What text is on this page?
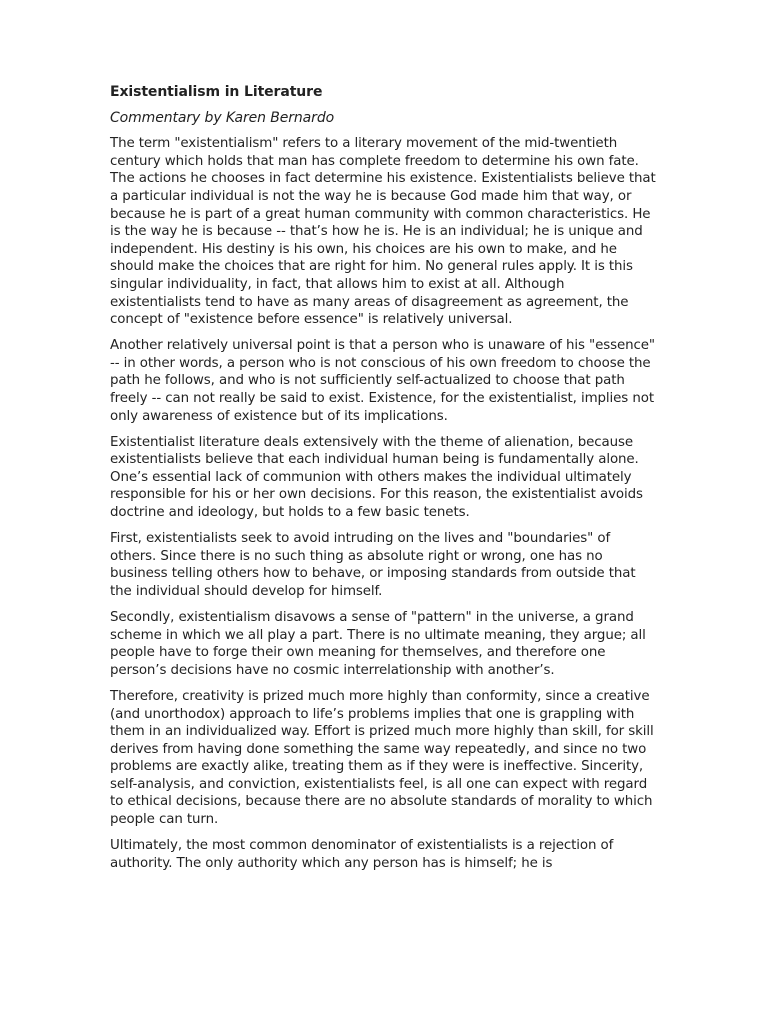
Existentialism in Literature
Commentary by Karen Bernardo

The term "existentialism" refers to a literary movement of the mid-twentieth century which holds that man has complete freedom to determine his own fate. The actions he chooses in fact determine his existence. Existentialists believe that a particular individual is not the way he is because God made him that way, or because he is part of a great human community with common characteristics. He is the way he is because -- that’s how he is. He is an individual; he is unique and independent. His destiny is his own, his choices are his own to make, and he should make the choices that are right for him. No general rules apply. It is this singular individuality, in fact, that allows him to exist at all. Although existentialists tend to have as many areas of disagreement as agreement, the concept of "existence before essence" is relatively universal.

Another relatively universal point is that a person who is unaware of his "essence" -- in other words, a person who is not conscious of his own freedom to choose the path he follows, and who is not sufficiently self-actualized to choose that path freely -- can not really be said to exist. Existence, for the existentialist, implies not only awareness of existence but of its implications.

Existentialist literature deals extensively with the theme of alienation, because existentialists believe that each individual human being is fundamentally alone. One’s essential lack of communion with others makes the individual ultimately responsible for his or her own decisions. For this reason, the existentialist avoids doctrine and ideology, but holds to a few basic tenets.

First, existentialists seek to avoid intruding on the lives and "boundaries" of others. Since there is no such thing as absolute right or wrong, one has no business telling others how to behave, or imposing standards from outside that the individual should develop for himself.

Secondly, existentialism disavows a sense of "pattern" in the universe, a grand scheme in which we all play a part. There is no ultimate meaning, they argue; all people have to forge their own meaning for themselves, and therefore one person’s decisions have no cosmic interrelationship with another’s.

Therefore, creativity is prized much more highly than conformity, since a creative (and unorthodox) approach to life’s problems implies that one is grappling with them in an individualized way. Effort is prized much more highly than skill, for skill derives from having done something the same way repeatedly, and since no two problems are exactly alike, treating them as if they were is ineffective. Sincerity, self-analysis, and conviction, existentialists feel, is all one can expect with regard to ethical decisions, because there are no absolute standards of morality to which people can turn.

Ultimately, the most common denominator of existentialists is a rejection of authority. The only authority which any person has is himself; he is
